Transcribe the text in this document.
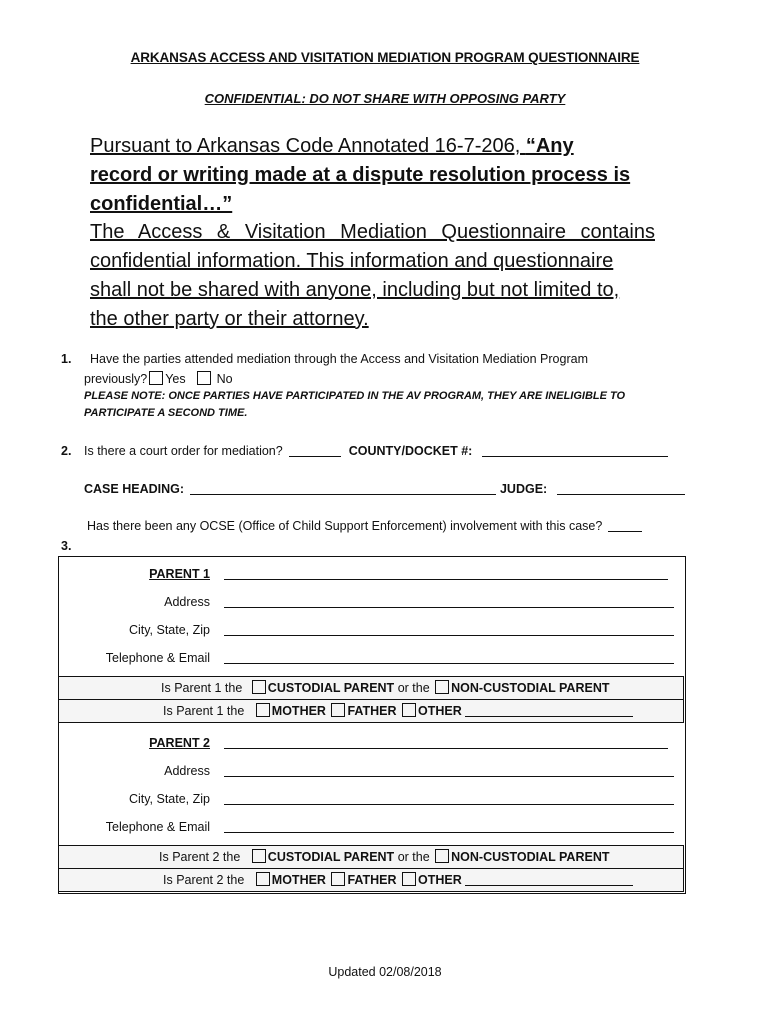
ARKANSAS ACCESS AND VISITATION MEDIATION PROGRAM QUESTIONNAIRE
CONFIDENTIAL: DO NOT SHARE WITH OPPOSING PARTY
Pursuant to Arkansas Code Annotated 16-7-206, “Any
record or writing made at a dispute resolution process is
confidential…”
The Access & Visitation Mediation Questionnaire contains
confidential information. This information and questionnaire
shall not be shared with anyone, including but not limited to,
the other party or their attorney.
1. Have the parties attended mediation through the Access and Visitation Mediation Program
previously? Yes No
PLEASE NOTE: ONCE PARTIES HAVE PARTICIPATED IN THE AV PROGRAM, THEY ARE INELIGIBLE TO
PARTICIPATE A SECOND TIME.
2. Is there a court order for mediation?	COUNTY/DOCKET #:
CASE HEADING:	JUDGE:
Has there been any OCSE (Office of Child Support Enforcement) involvement with this case?
3.
PARENT 1
Address
City, State, Zip
Telephone & Email
Is Parent 1 the CUSTODIAL PARENT or the NON-CUSTODIAL PARENT
Is Parent 1 the MOTHER FATHER OTHER
PARENT 2
Address
City, State, Zip
Telephone & Email
Is Parent 2 the CUSTODIAL PARENT or the NON-CUSTODIAL PARENT
Is Parent 2 the MOTHER FATHER OTHER
Updated 02/08/2018
